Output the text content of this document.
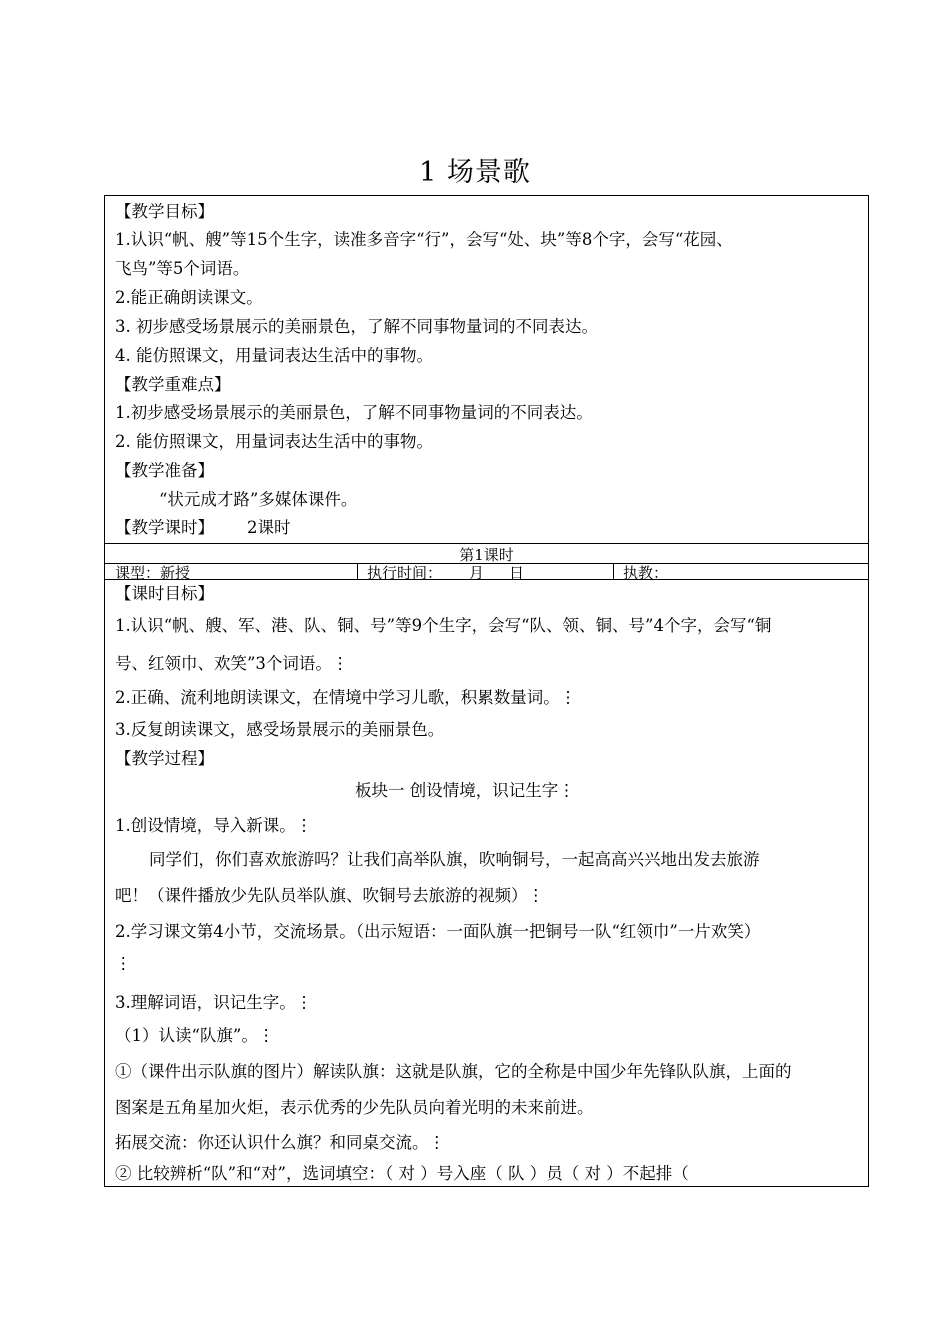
1 场景歌
【教学目标】
1.认识“帆、艘”等15个生字，读准多音字“行”，会写“处、块”等8个字，会写“花园、
飞鸟”等5个词语。
2.能正确朗读课文。
3. 初步感受场景展示的美丽景色，了解不同事物量词的不同表达。
4. 能仿照课文，用量词表达生活中的事物。
【教学重难点】
1.初步感受场景展示的美丽景色，了解不同事物量词的不同表达。
2. 能仿照课文，用量词表达生活中的事物。
【教学准备】
“状元成才路”多媒体课件。
【教学课时】 2课时
第1课时
课型：新授	执行时间： 月 日	执教：
【课时目标】
1.认识“帆、艘、军、港、队、铜、号”等9个生字，会写“队、领、铜、号”4个字，会写“铜
号、红领巾、欢笑”3个词语。⋮
2.正确、流利地朗读课文，在情境中学习儿歌，积累数量词。⋮
3.反复朗读课文，感受场景展示的美丽景色。
【教学过程】
板块一 创设情境，识记生字⋮
1.创设情境，导入新课。⋮
同学们，你们喜欢旅游吗？让我们高举队旗，吹响铜号，一起高高兴兴地出发去旅游
吧！（课件播放少先队员举队旗、吹铜号去旅游的视频）⋮
2.学习课文第4小节，交流场景。（出示短语：一面队旗一把铜号一队“红领巾”一片欢笑）
⋮
3.理解词语，识记生字。⋮
（1）认读“队旗”。⋮
①（课件出示队旗的图片）解读队旗：这就是队旗，它的全称是中国少年先锋队队旗，上面的
图案是五角星加火炬，表示优秀的少先队员向着光明的未来前进。
拓展交流：你还认识什么旗？和同桌交流。⋮
② 比较辨析“队”和“对”，选词填空：（ 对 ）号入座（ 队 ）员（ 对 ）不起排（
